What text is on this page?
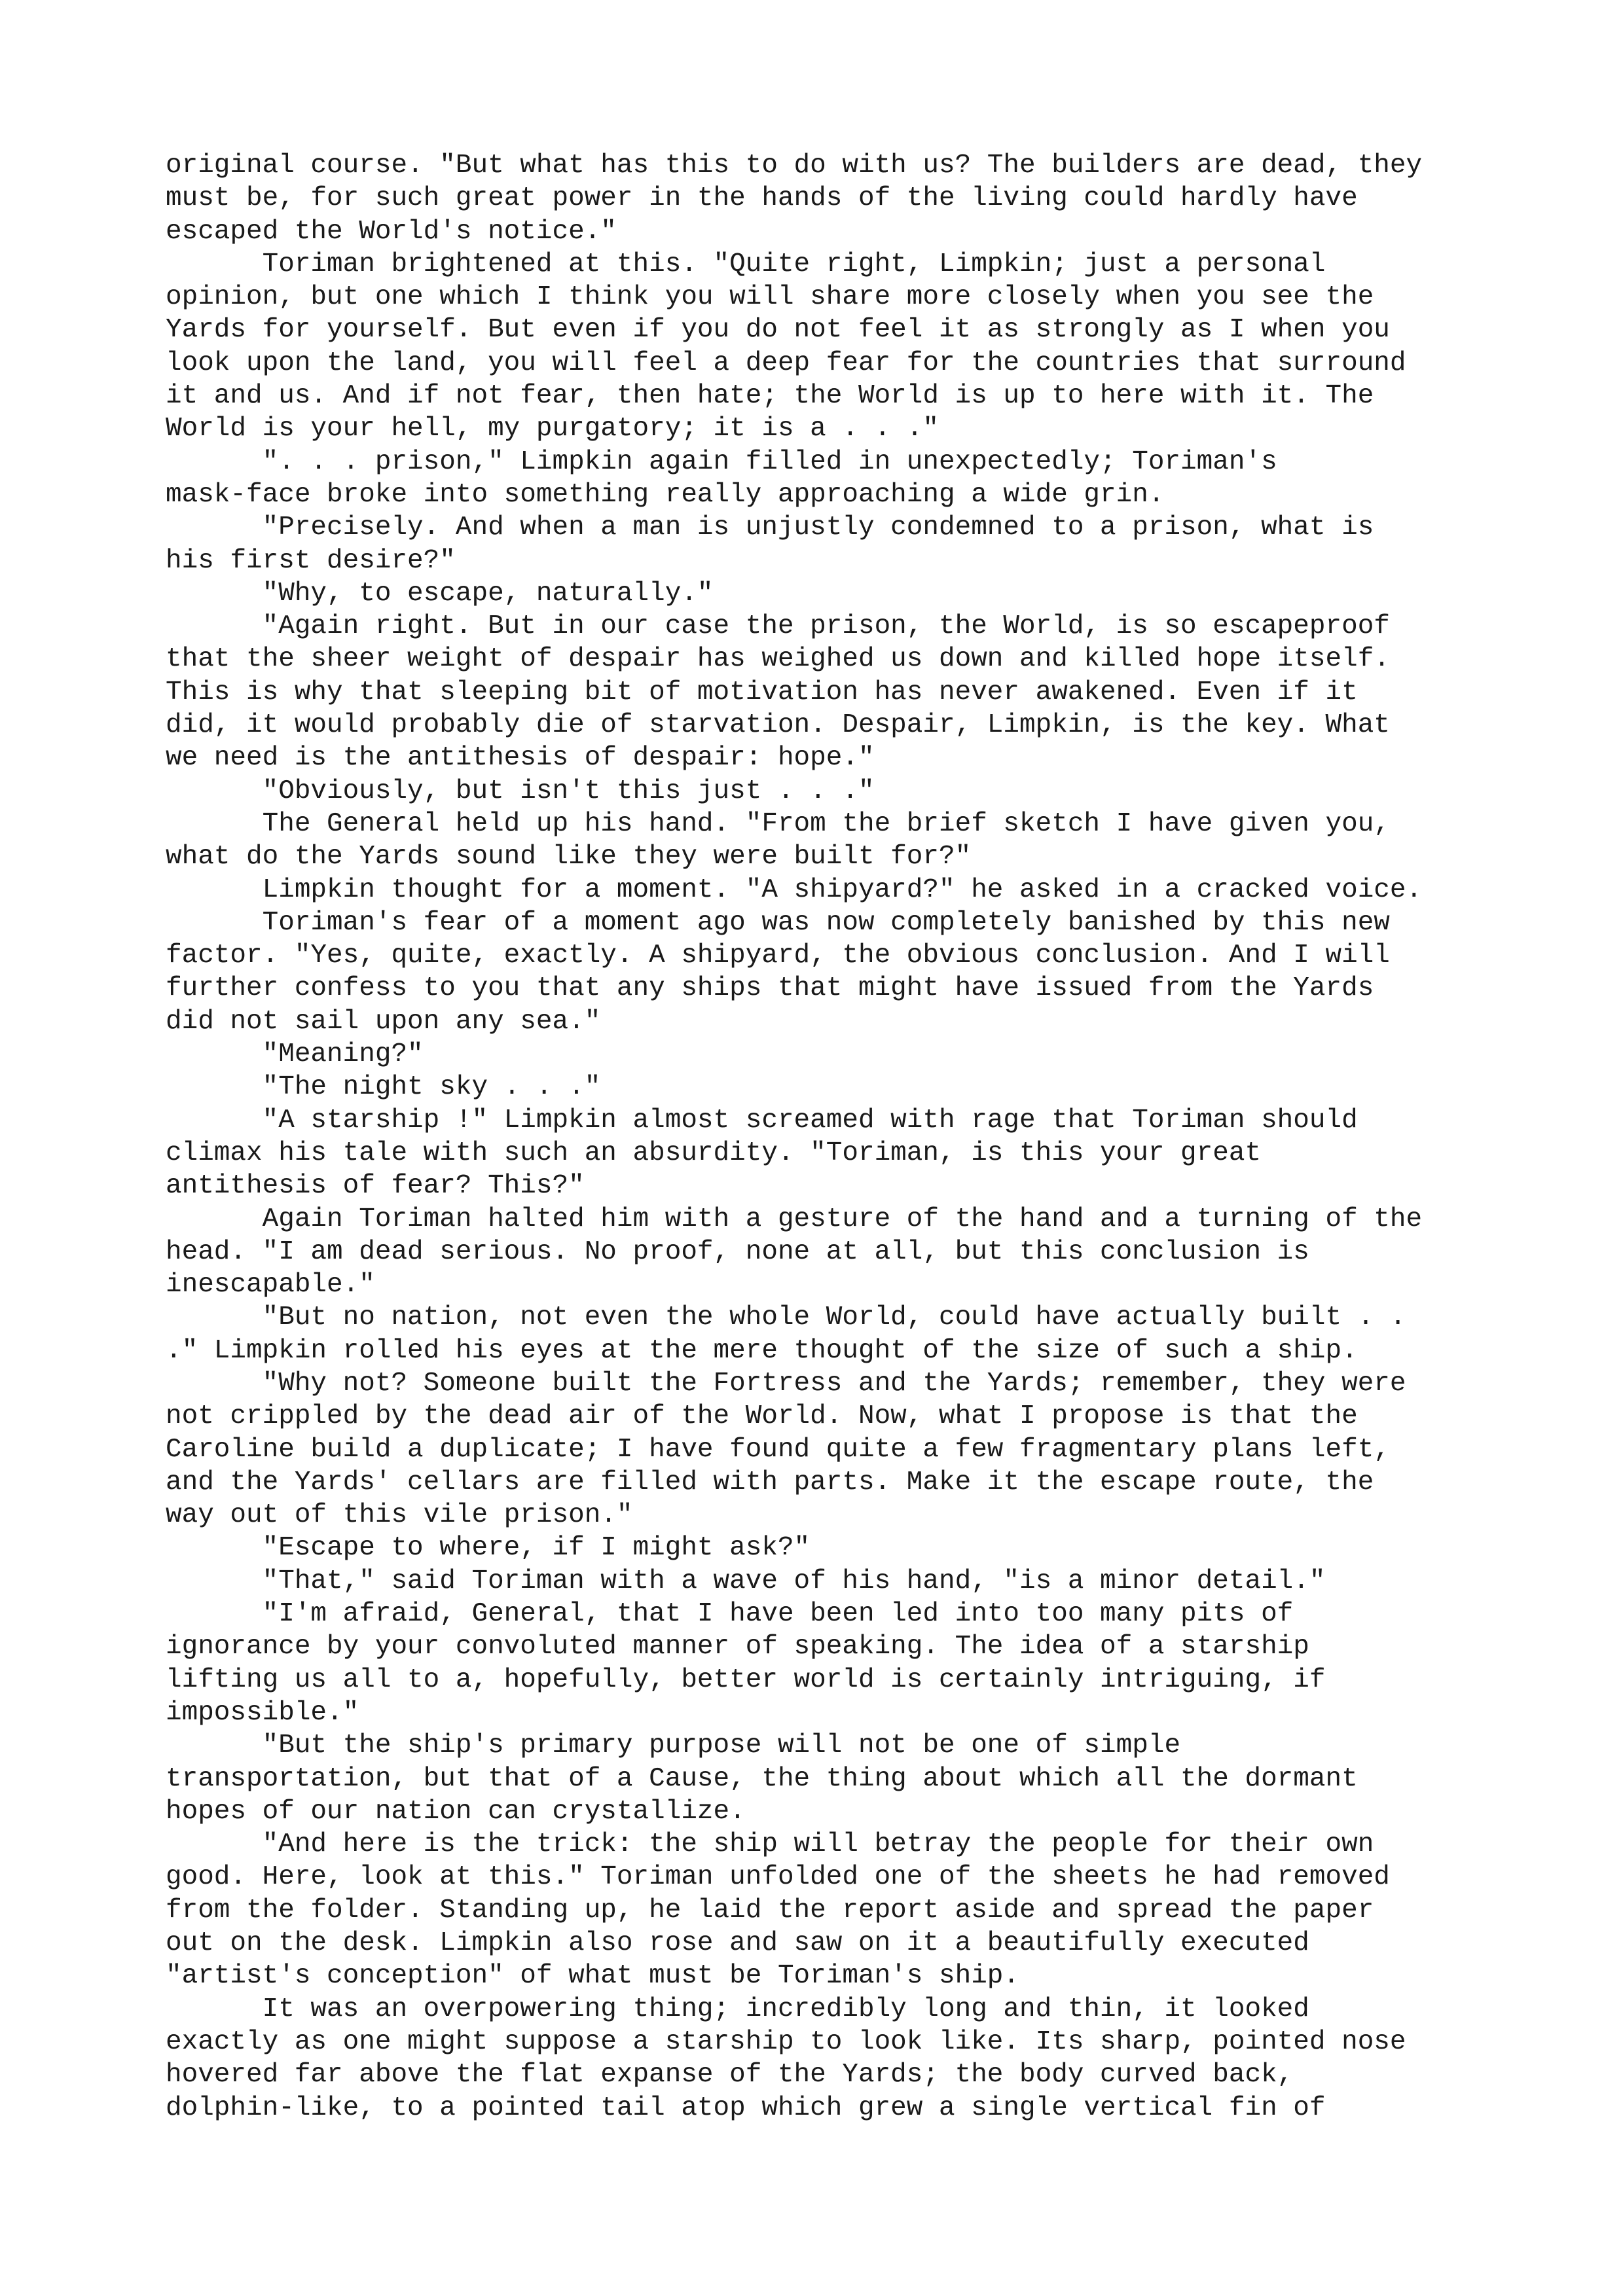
original course. "But what has this to do with us? The builders are dead, they
must be, for such great power in the hands of the living could hardly have
escaped the World's notice."

Toriman brightened at this. "Quite right, Limpkin; just a personal
opinion, but one which I think you will share more closely when you see the
Yards for yourself. But even if you do not feel it as strongly as I when you
look upon the land, you will feel a deep fear for the countries that surround
it and us. And if not fear, then hate; the World is up to here with it. The
World is your hell, my purgatory; it is a . . ."

". . . prison," Limpkin again filled in unexpectedly; Toriman's
mask-face broke into something really approaching a wide grin.

"Precisely. And when a man is unjustly condemned to a prison, what is
his first desire?"

"Why, to escape, naturally."

"Again right. But in our case the prison, the World, is so escapeproof
that the sheer weight of despair has weighed us down and killed hope itself.
This is why that sleeping bit of motivation has never awakened. Even if it
did, it would probably die of starvation. Despair, Limpkin, is the key. What
we need is the antithesis of despair: hope."

"Obviously, but isn't this just . . ."

The General held up his hand. "From the brief sketch I have given you,
what do the Yards sound like they were built for?"

Limpkin thought for a moment. "A shipyard?" he asked in a cracked voice.

Toriman's fear of a moment ago was now completely banished by this new
factor. "Yes, quite, exactly. A shipyard, the obvious conclusion. And I will
further confess to you that any ships that might have issued from the Yards
did not sail upon any sea."

"Meaning?"

"The night sky . . ."

"A starship !" Limpkin almost screamed with rage that Toriman should
climax his tale with such an absurdity. "Toriman, is this your great
antithesis of fear? This?"

Again Toriman halted him with a gesture of the hand and a turning of the
head. "I am dead serious. No proof, none at all, but this conclusion is
inescapable."

"But no nation, not even the whole World, could have actually built . .
." Limpkin rolled his eyes at the mere thought of the size of such a ship.

"Why not? Someone built the Fortress and the Yards; remember, they were
not crippled by the dead air of the World. Now, what I propose is that the
Caroline build a duplicate; I have found quite a few fragmentary plans left,
and the Yards' cellars are filled with parts. Make it the escape route, the
way out of this vile prison."

"Escape to where, if I might ask?"

"That," said Toriman with a wave of his hand, "is a minor detail."

"I'm afraid, General, that I have been led into too many pits of
ignorance by your convoluted manner of speaking. The idea of a starship
lifting us all to a, hopefully, better world is certainly intriguing, if
impossible."

"But the ship's primary purpose will not be one of simple
transportation, but that of a Cause, the thing about which all the dormant
hopes of our nation can crystallize.

"And here is the trick: the ship will betray the people for their own
good. Here, look at this." Toriman unfolded one of the sheets he had removed
from the folder. Standing up, he laid the report aside and spread the paper
out on the desk. Limpkin also rose and saw on it a beautifully executed
"artist's conception" of what must be Toriman's ship.

It was an overpowering thing; incredibly long and thin, it looked
exactly as one might suppose a starship to look like. Its sharp, pointed nose
hovered far above the flat expanse of the Yards; the body curved back,
dolphin-like, to a pointed tail atop which grew a single vertical fin of
